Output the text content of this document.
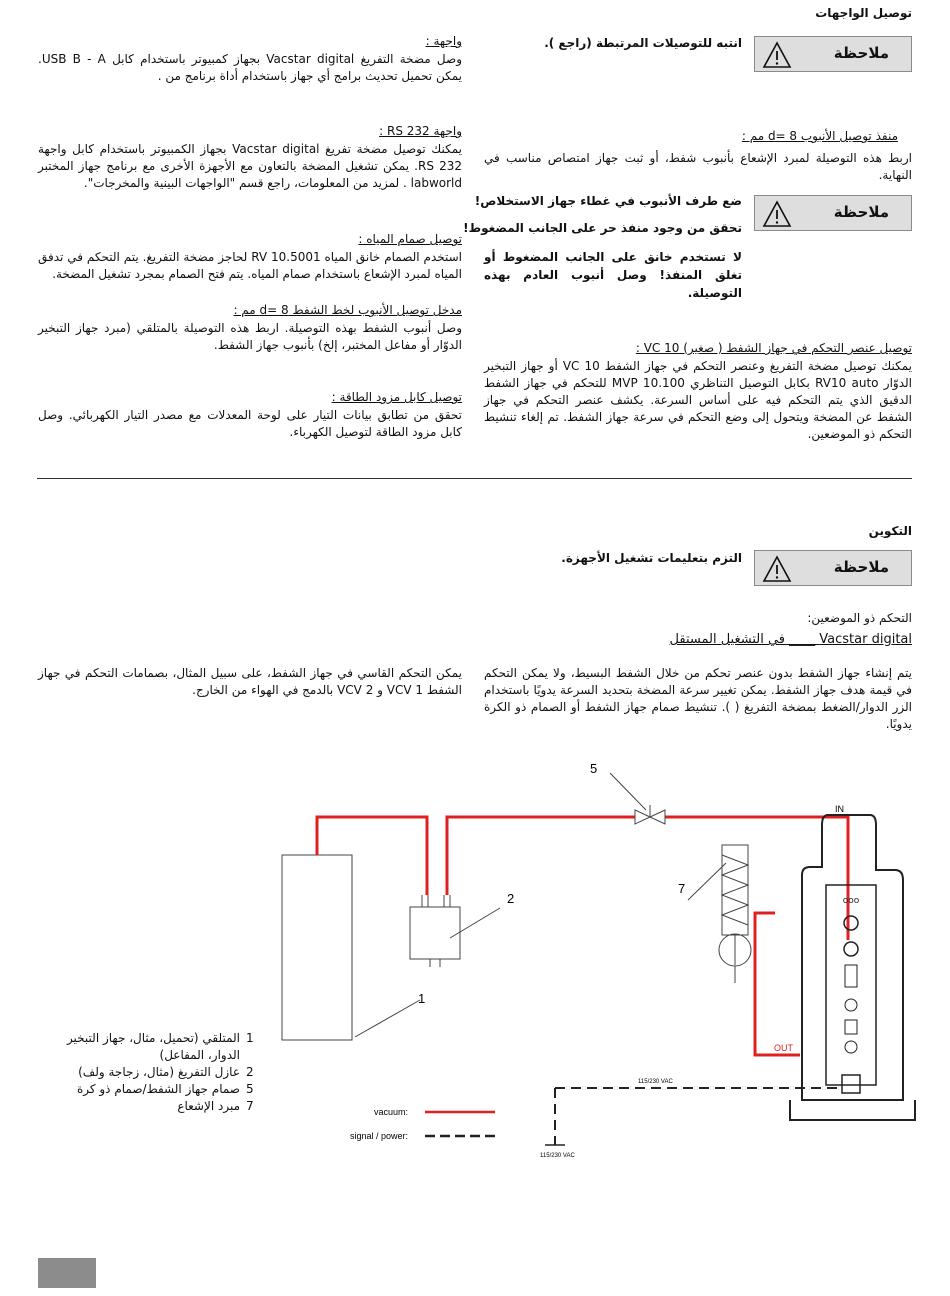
توصيل الواجهات
ملاحظة
انتبه للتوصيلات المرتبطة (راجع ).
منفذ توصيل الأنبوب d= 8 مم :
اربط هذه التوصيلة لمبرد الإشعاع بأنبوب شفط، أو ثبت جهاز امتصاص مناسب في النهاية.
ملاحظة
ضع طرف الأنبوب في غطاء جهاز الاستخلاص!
تحقق من وجود منفذ حر على الجانب المضغوط!
لا تستخدم خانق على الجانب المضغوط أو تغلق المنفذ! وصل أنبوب العادم بهذه التوصيلة.
توصيل عنصر التحكم في جهاز الشفط ( صغير) VC 10 :
يمكنك توصيل مضخة التفريغ وعنصر التحكم في جهاز الشفط VC 10 أو جهاز التبخير الدوّار RV10 auto بكابل التوصيل التناظري MVP 10.100 للتحكم في جهاز الشفط الدقيق الذي يتم التحكم فيه على أساس السرعة. يكشف عنصر التحكم في جهاز الشفط عن المضخة ويتحول إلى وضع التحكم في سرعة جهاز الشفط. تم إلغاء تنشيط التحكم ذو الموضعين.
واجهة :
وصل مضخة التفريغ Vacstar digital بجهاز كمبيوتر باستخدام كابل USB B - A. يمكن تحميل تحديث برامج أي جهاز باستخدام أداة برنامج من .
واجهة RS 232 :
يمكنك توصيل مضخة تفريغ Vacstar digital بجهاز الكمبيوتر باستخدام كابل واجهة RS 232. يمكن تشغيل المضخة بالتعاون مع الأجهزة الأخرى مع برنامج جهاز المختبر labworld . لمزيد من المعلومات، راجع قسم "الواجهات البينية والمخرجات".
توصيل صمام المياه :
استخدم الصمام خانق المياه RV 10.5001 لحاجز مضخة التفريغ. يتم التحكم في تدفق المياه لمبرد الإشعاع باستخدام صمام المياه. يتم فتح الصمام بمجرد تشغيل المضخة.
مدخل توصيل الأنبوب لخط الشفط d= 8 مم :
وصل أنبوب الشفط بهذه التوصيلة. اربط هذه التوصيلة بالمتلقي (مبرد جهاز التبخير الدوّار أو مفاعل المختبر، إلخ) بأنبوب جهاز الشفط.
توصيل كابل مزود الطاقة :
تحقق من تطابق بيانات التيار على لوحة المعدلات مع مصدر التيار الكهربائي. وصل كابل مزود الطاقة لتوصيل الكهرباء.
التكوين
ملاحظة
التزم بتعليمات تشغيل الأجهزة.
التحكم ذو الموضعين:
Vacstar digital ____ في التشغيل المستقل
يتم إنشاء جهاز الشفط بدون عنصر تحكم من خلال الشفط البسيط، ولا يمكن التحكم في قيمة هدف جهاز الشفط. يمكن تغيير سرعة المضخة بتحديد السرعة يدويًا باستخدام الزر الدوار/الضغط بمضخة التفريغ ( ). تنشيط صمام جهاز الشفط أو الصمام ذو الكرة يدويًا.
يمكن التحكم القاسي في جهاز الشفط، على سبيل المثال، بصمامات التحكم في جهاز الشفط VCV 1 و VCV 2 بالدمج في الهواء من الخارج.
المتلقي (تحميل، مثال، جهاز التبخير الدوار، المفاعل)
1
عازل التفريغ (مثال، زجاجة ولف) 2
صمام جهاز الشفط/صمام ذو كرة 5
مبرد الإشعاع 7
ooo
5
7
2
1
IN
OUT
115/230 VAC
115/230 VAC
vacuum:
signal / power:
